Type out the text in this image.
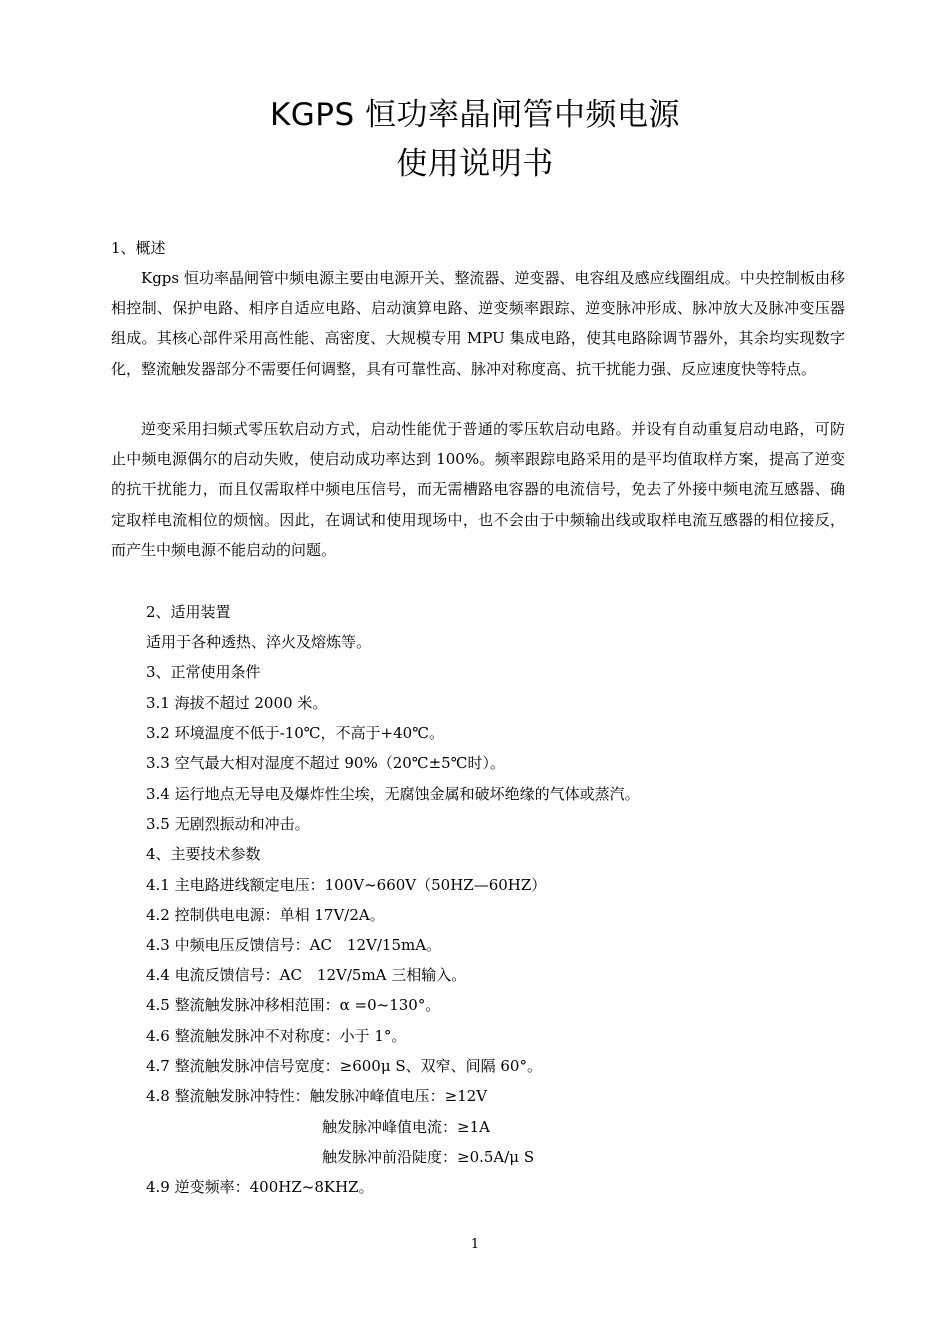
KGPS 恒功率晶闸管中频电源
使用说明书
1、概述
Kgps 恒功率晶闸管中频电源主要由电源开关、整流器、逆变器、电容组及感应线圈组成。中央控制板由移相控制、保护电路、相序自适应电路、启动演算电路、逆变频率跟踪、逆变脉冲形成、脉冲放大及脉冲变压器组成。其核心部件采用高性能、高密度、大规模专用 MPU 集成电路，使其电路除调节器外，其余均实现数字化，整流触发器部分不需要任何调整，具有可靠性高、脉冲对称度高、抗干扰能力强、反应速度快等特点。
逆变采用扫频式零压软启动方式，启动性能优于普通的零压软启动电路。并设有自动重复启动电路，可防止中频电源偶尔的启动失败，使启动成功率达到 100%。频率跟踪电路采用的是平均值取样方案，提高了逆变的抗干扰能力，而且仅需取样中频电压信号，而无需槽路电容器的电流信号，免去了外接中频电流互感器、确定取样电流相位的烦恼。因此，在调试和使用现场中，也不会由于中频输出线或取样电流互感器的相位接反，而产生中频电源不能启动的问题。
2、适用装置
适用于各种透热、淬火及熔炼等。
3、正常使用条件
3.1 海拔不超过 2000 米。
3.2 环境温度不低于-10℃，不高于+40℃。
3.3 空气最大相对湿度不超过 90%（20℃±5℃时）。
3.4 运行地点无导电及爆炸性尘埃，无腐蚀金属和破坏绝缘的气体或蒸汽。
3.5 无剧烈振动和冲击。
4、主要技术参数
4.1 主电路进线额定电压：100V~660V（50HZ—60HZ）
4.2 控制供电电源：单相 17V/2A。
4.3 中频电压反馈信号：AC　12V/15mA。
4.4 电流反馈信号：AC　12V/5mA 三相输入。
4.5 整流触发脉冲移相范围：α =0~130°。
4.6 整流触发脉冲不对称度：小于 1°。
4.7 整流触发脉冲信号宽度：≥600μ S、双窄、间隔 60°。
4.8 整流触发脉冲特性：触发脉冲峰值电压：≥12V
触发脉冲峰值电流：≥1A
触发脉冲前沿陡度：≥0.5A/μ S
4.9 逆变频率：400HZ~8KHZ。
1
